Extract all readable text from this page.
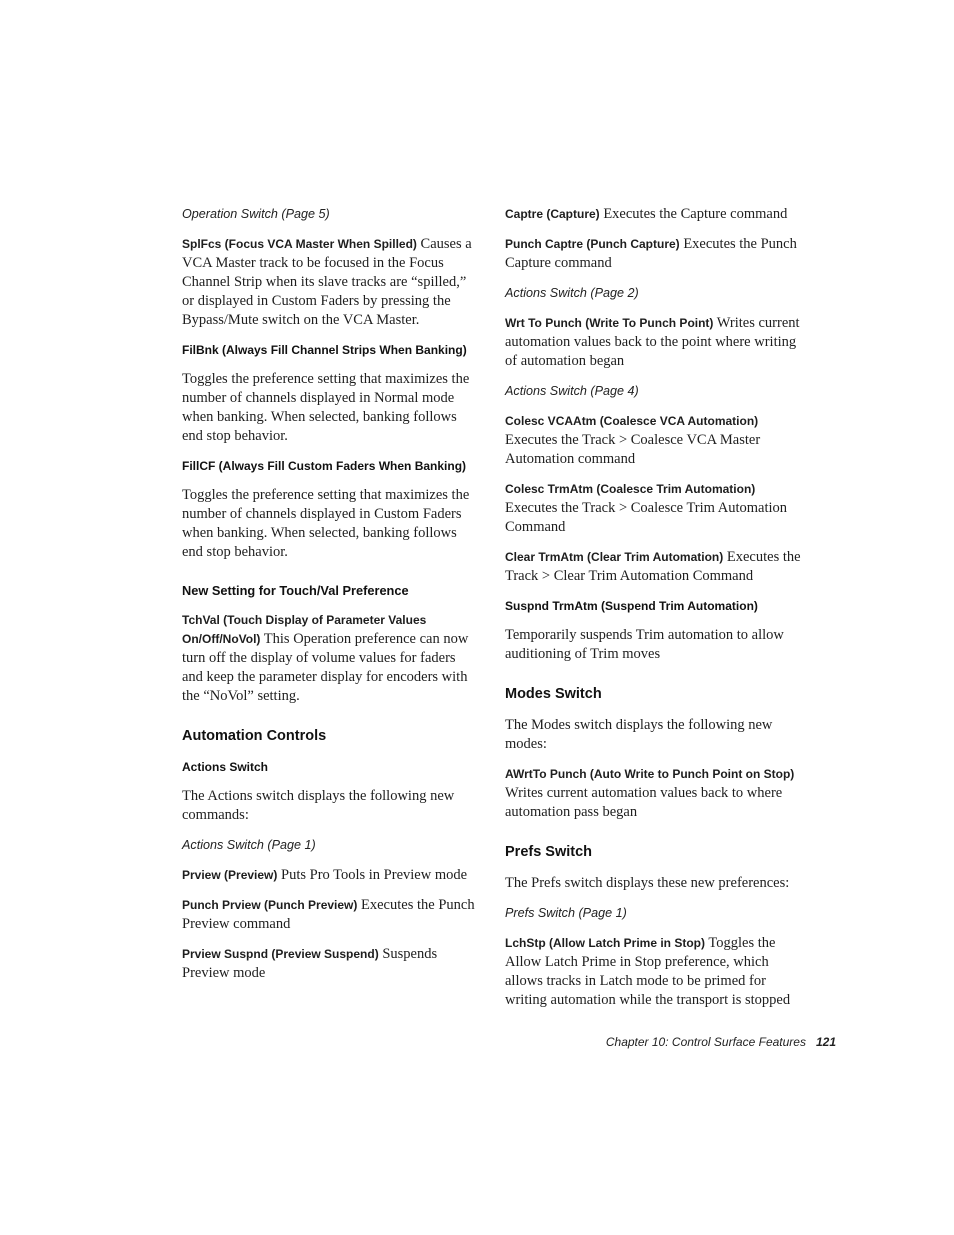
Operation Switch (Page 5)

SplFcs (Focus VCA Master When Spilled) Causes a VCA Master track to be focused in the Focus Channel Strip when its slave tracks are “spilled,” or displayed in Custom Faders by pressing the Bypass/Mute switch on the VCA Master.

FilBnk (Always Fill Channel Strips When Banking)

Toggles the preference setting that maximizes the number of channels displayed in Normal mode when banking. When selected, banking follows end stop behavior.

FillCF (Always Fill Custom Faders When Banking)

Toggles the preference setting that maximizes the number of channels displayed in Custom Faders when banking. When selected, banking follows end stop behavior.

New Setting for Touch/Val Preference

TchVal (Touch Display of Parameter Values On/Off/NoVol) This Operation preference can now turn off the display of volume values for faders and keep the parameter display for encoders with the “NoVol” setting.

Automation Controls

Actions Switch

The Actions switch displays the following new commands:

Actions Switch (Page 1)

Prview (Preview) Puts Pro Tools in Preview mode

Punch Prview (Punch Preview) Executes the Punch Preview command

Prview Suspnd (Preview Suspend) Suspends Preview mode

Captre (Capture) Executes the Capture command

Punch Captre (Punch Capture) Executes the Punch Capture command

Actions Switch (Page 2)

Wrt To Punch (Write To Punch Point) Writes current automation values back to the point where writing of automation began

Actions Switch (Page 4)

Colesc VCAAtm (Coalesce VCA Automation) Executes the Track > Coalesce VCA Master Automation command

Colesc TrmAtm (Coalesce Trim Automation) Executes the Track > Coalesce Trim Automation Command

Clear TrmAtm (Clear Trim Automation) Executes the Track > Clear Trim Automation Command

Suspnd TrmAtm (Suspend Trim Automation)

Temporarily suspends Trim automation to allow auditioning of Trim moves

Modes Switch

The Modes switch displays the following new modes:

AWrtTo Punch (Auto Write to Punch Point on Stop) Writes current automation values back to where automation pass began

Prefs Switch

The Prefs switch displays these new preferences:

Prefs Switch (Page 1)

LchStp (Allow Latch Prime in Stop) Toggles the Allow Latch Prime in Stop preference, which allows tracks in Latch mode to be primed for writing automation while the transport is stopped

Chapter 10: Control Surface Features 121
